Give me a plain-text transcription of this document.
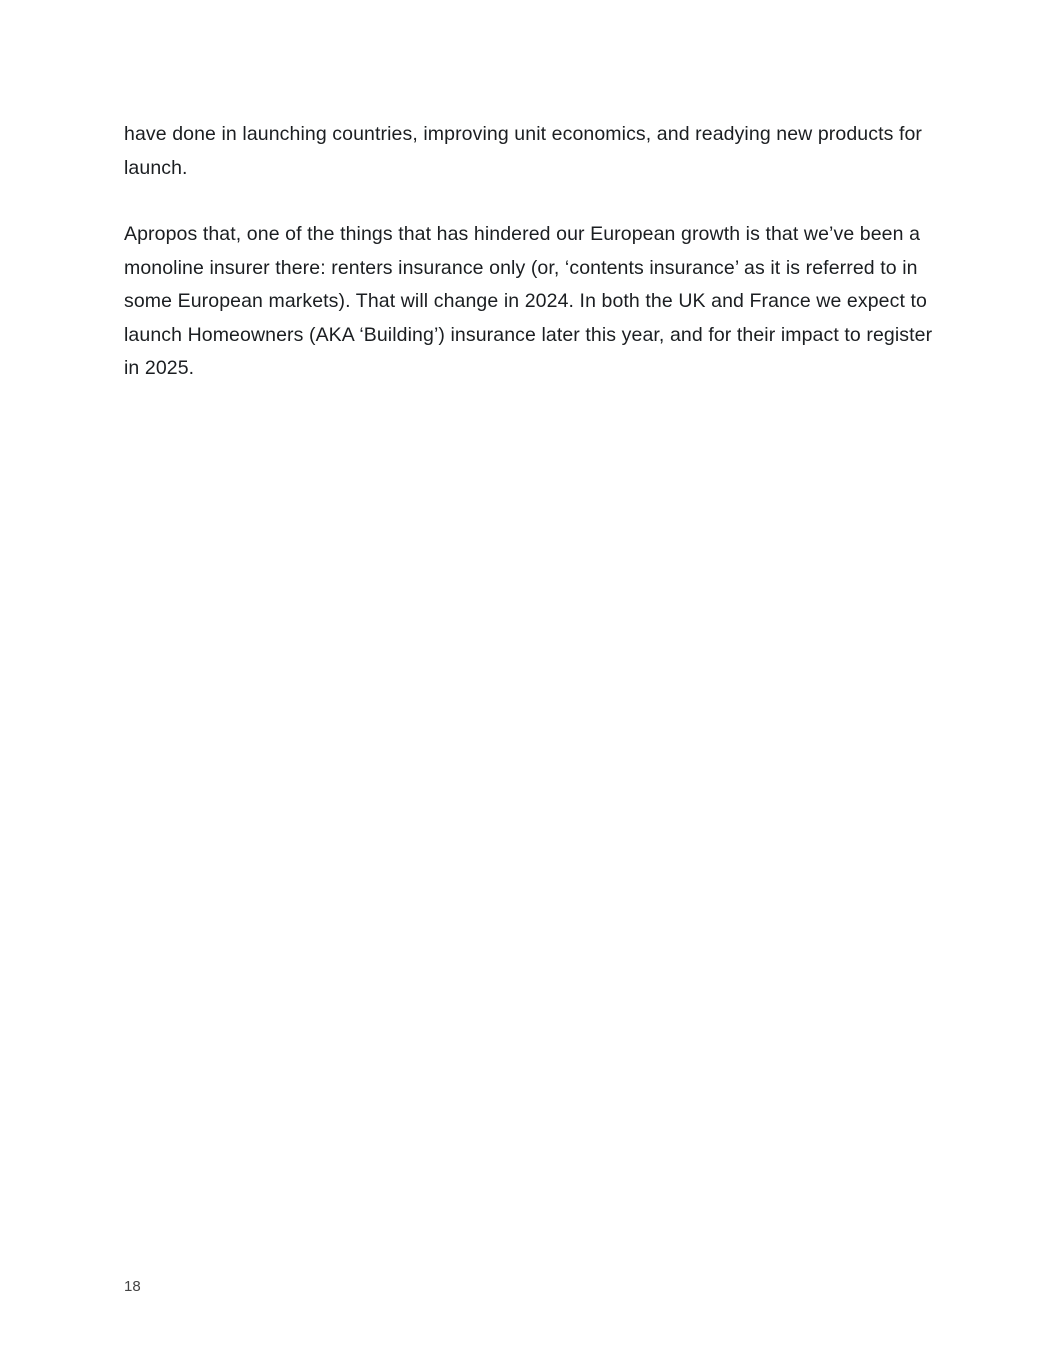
have done in launching countries, improving unit economics, and readying new products for launch.

Apropos that, one of the things that has hindered our European growth is that we’ve been a monoline insurer there: renters insurance only (or, ‘contents insurance’ as it is referred to in some European markets). That will change in 2024. In both the UK and France we expect to launch Homeowners (AKA ‘Building’) insurance later this year, and for their impact to register in 2025.

18
